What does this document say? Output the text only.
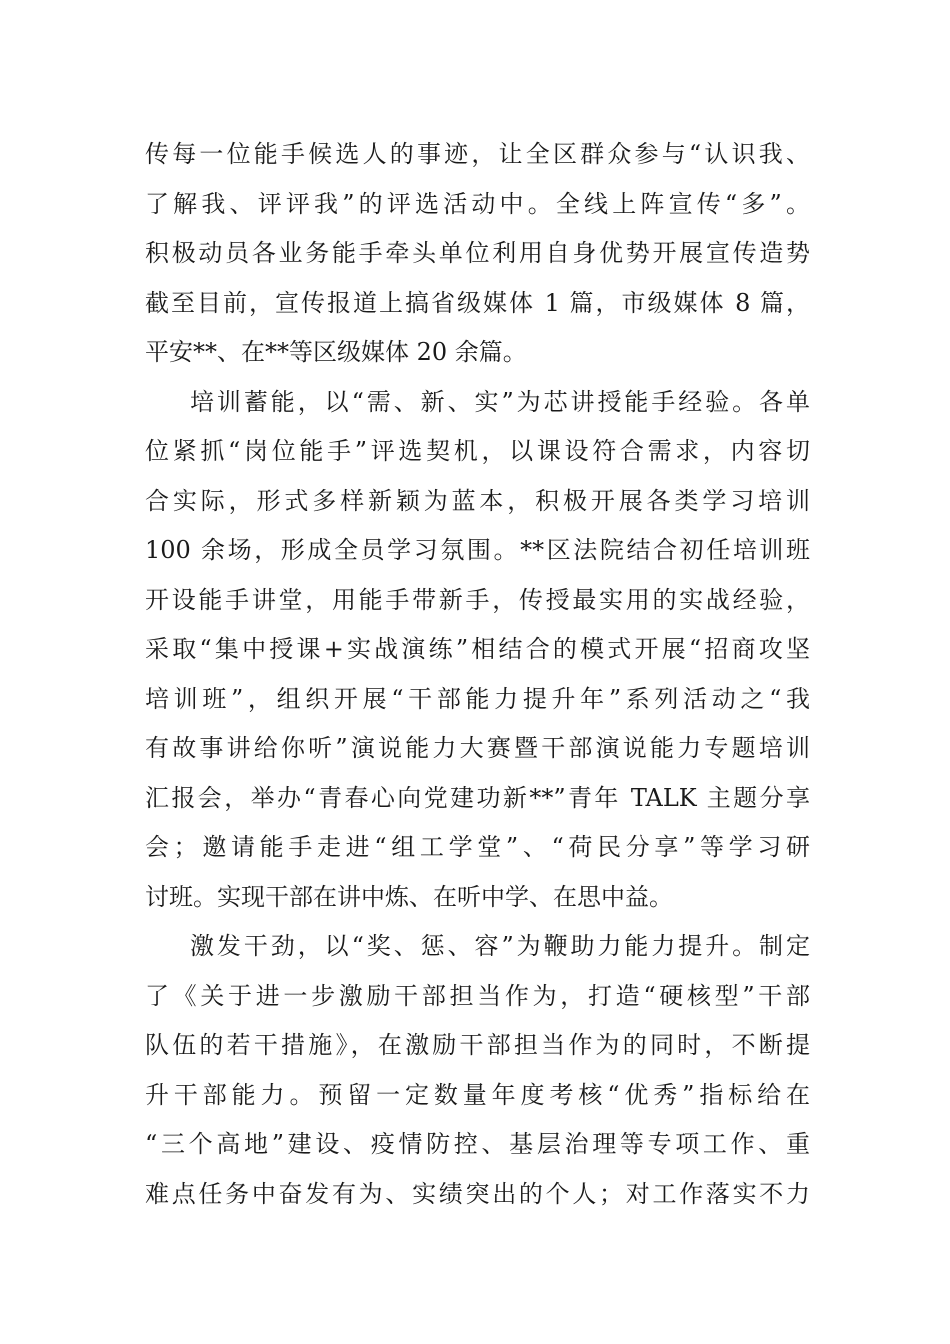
传每一位能手候选人的事迹，让全区群众参与“认识我、
了解我、评评我”的评选活动中。全线上阵宣传“多”。
积极动员各业务能手牵头单位利用自身优势开展宣传造势
截至目前，宣传报道上搞省级媒体 1 篇，市级媒体 8 篇，
平安**、在**等区级媒体 20 余篇。
培训蓄能，以“需、新、实”为芯讲授能手经验。各单
位紧抓“岗位能手”评选契机，以课设符合需求，内容切
合实际，形式多样新颖为蓝本，积极开展各类学习培训
100 余场，形成全员学习氛围。**区法院结合初任培训班
开设能手讲堂，用能手带新手，传授最实用的实战经验，
采取“集中授课+实战演练”相结合的模式开展“招商攻坚
培训班”，组织开展“干部能力提升年”系列活动之“我
有故事讲给你听”演说能力大赛暨干部演说能力专题培训
汇报会，举办“青春心向党建功新**”青年 TALK 主题分享
会；邀请能手走进“组工学堂”、“荷民分享”等学习研
讨班。实现干部在讲中炼、在听中学、在思中益。
激发干劲，以“奖、惩、容”为鞭助力能力提升。制定
了《关于进一步激励干部担当作为，打造“硬核型”干部
队伍的若干措施》，在激励干部担当作为的同时，不断提
升干部能力。预留一定数量年度考核“优秀”指标给在
“三个高地”建设、疫情防控、基层治理等专项工作、重
难点任务中奋发有为、实绩突出的个人；对工作落实不力
